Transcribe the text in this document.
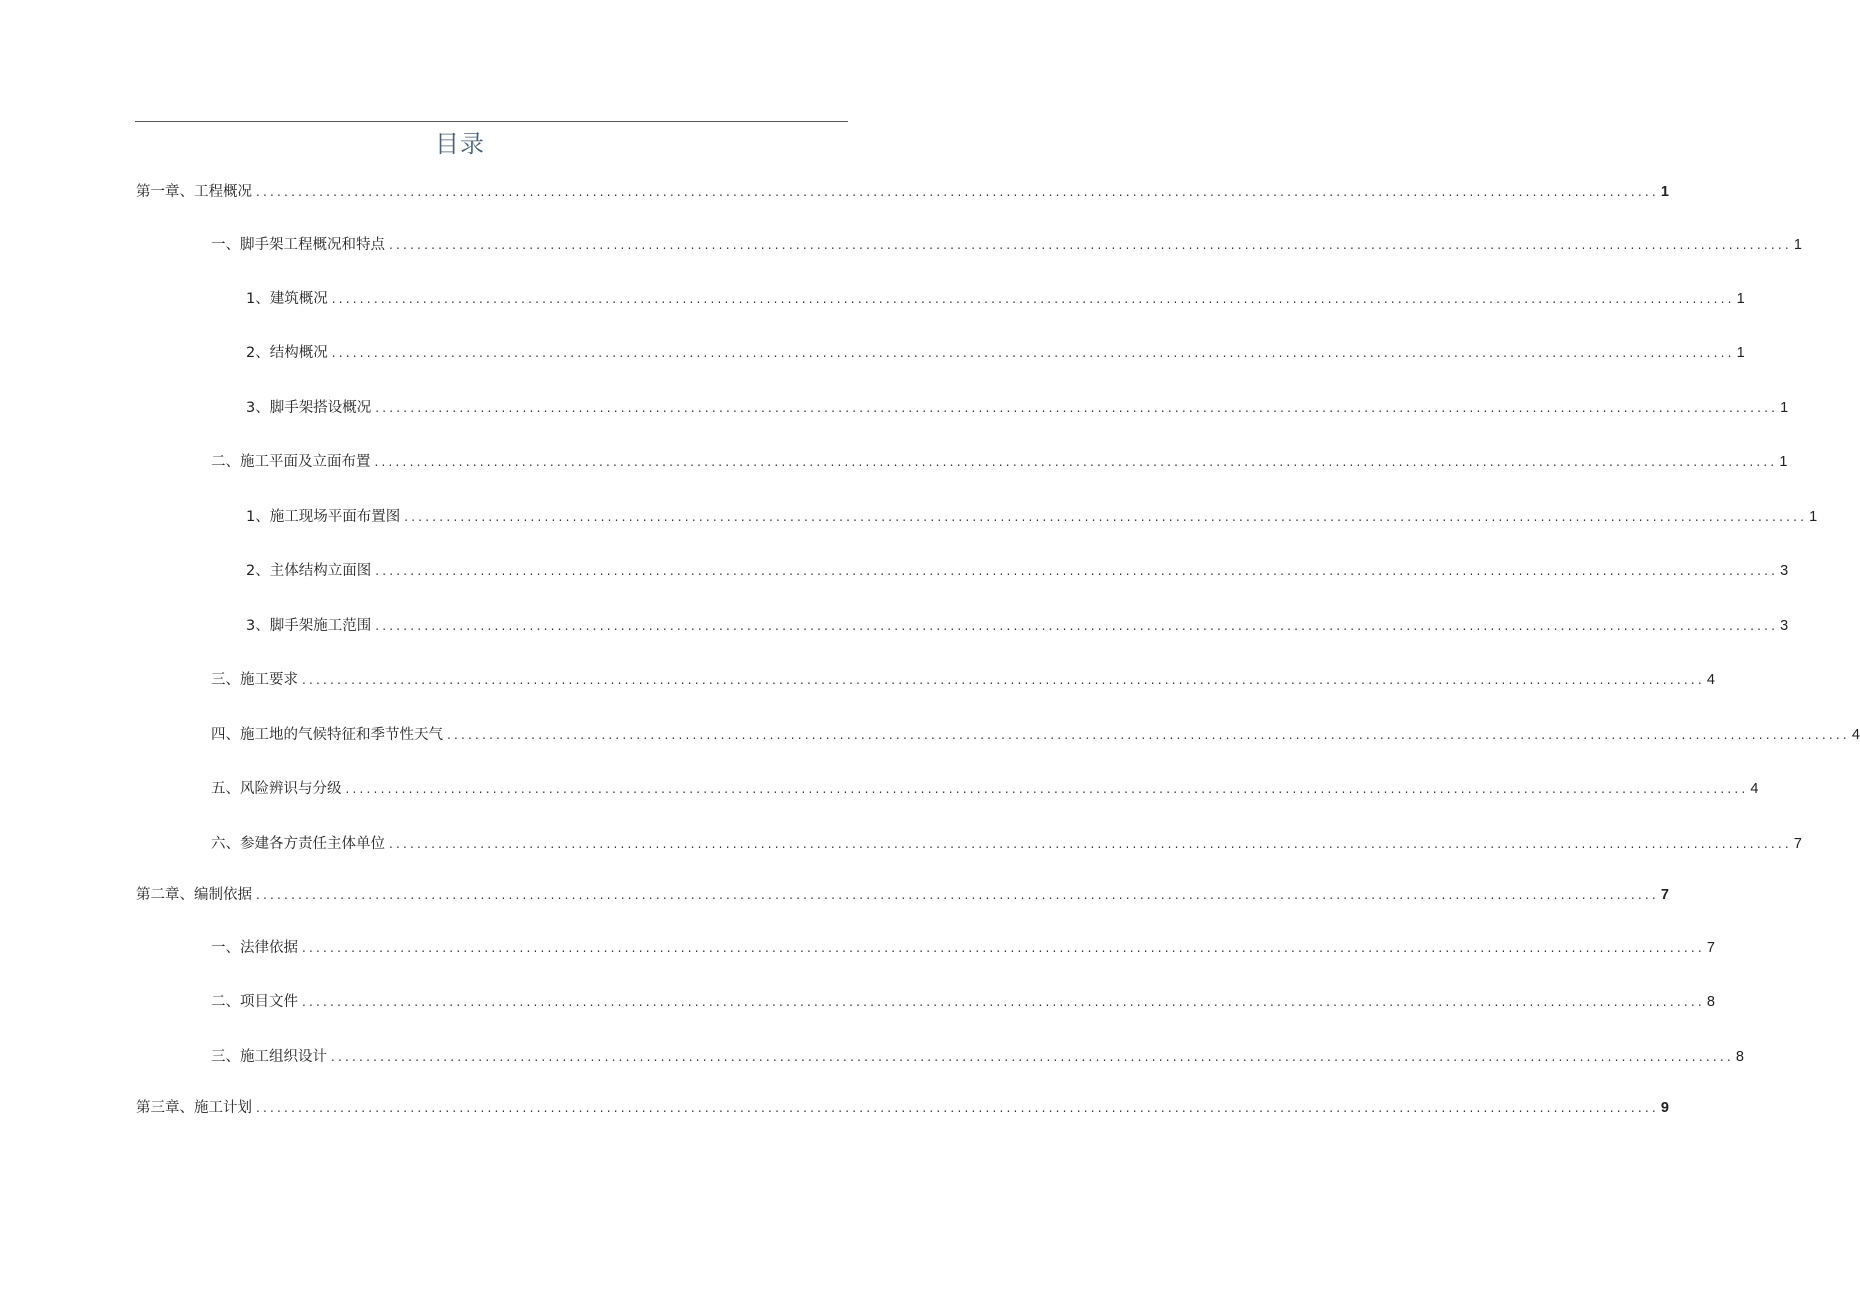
目录
第一章、工程概况 ........................................................................................................................................................................................................ 1
一、脚手架工程概况和特点 ........................................................................................................................................................................................................ 1
1、建筑概况 ........................................................................................................................................................................................................ 1
2、结构概况 ........................................................................................................................................................................................................ 1
3、脚手架搭设概况 ........................................................................................................................................................................................................ 1
二、施工平面及立面布置 ........................................................................................................................................................................................................ 1
1、施工现场平面布置图 ........................................................................................................................................................................................................ 1
2、主体结构立面图 ........................................................................................................................................................................................................ 3
3、脚手架施工范围 ........................................................................................................................................................................................................ 3
三、施工要求 ........................................................................................................................................................................................................ 4
四、施工地的气候特征和季节性天气 ........................................................................................................................................................................................................ 4
五、风险辨识与分级 ........................................................................................................................................................................................................ 4
六、参建各方责任主体单位 ........................................................................................................................................................................................................ 7
第二章、编制依据 ........................................................................................................................................................................................................ 7
一、法律依据 ........................................................................................................................................................................................................ 7
二、项目文件 ........................................................................................................................................................................................................ 8
三、施工组织设计 ........................................................................................................................................................................................................ 8
第三章、施工计划 ........................................................................................................................................................................................................ 9
